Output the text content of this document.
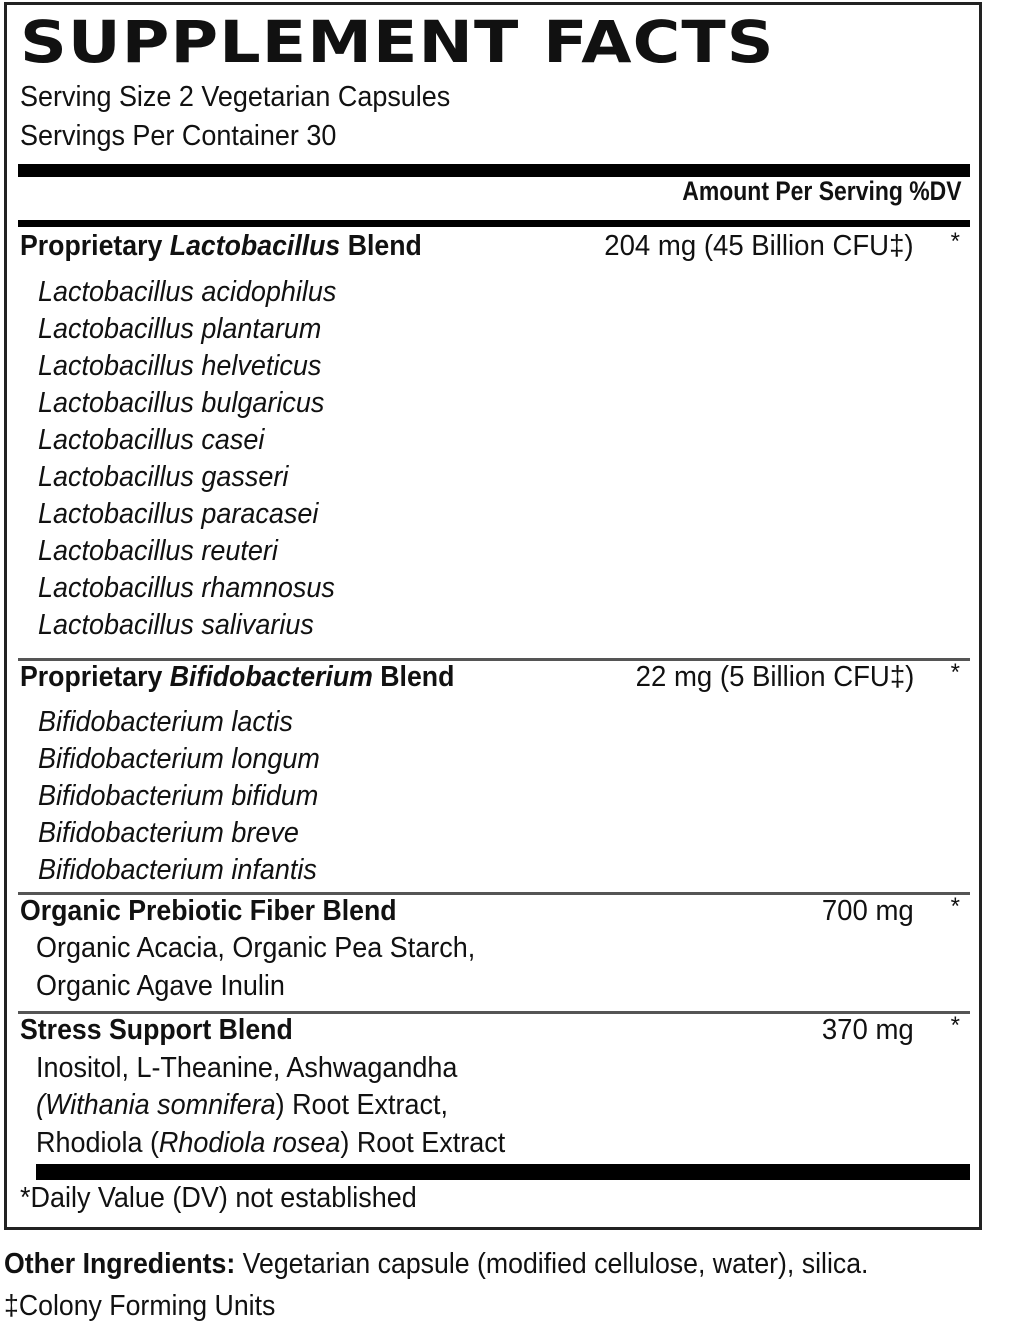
SUPPLEMENT FACTS
Serving Size 2 Vegetarian Capsules
Servings Per Container 30
Amount Per Serving %DV
Proprietary Lactobacillus Blend	204 mg (45 Billion CFU‡) *
Lactobacillus acidophilus
Lactobacillus plantarum
Lactobacillus helveticus
Lactobacillus bulgaricus
Lactobacillus casei
Lactobacillus gasseri
Lactobacillus paracasei
Lactobacillus reuteri
Lactobacillus rhamnosus
Lactobacillus salivarius
Proprietary Bifidobacterium Blend	22 mg (5 Billion CFU‡) *
Bifidobacterium lactis
Bifidobacterium longum
Bifidobacterium bifidum
Bifidobacterium breve
Bifidobacterium infantis
Organic Prebiotic Fiber Blend	700 mg *
Organic Acacia, Organic Pea Starch,
Organic Agave Inulin
Stress Support Blend	370 mg *
Inositol, L-Theanine, Ashwagandha
(Withania somnifera) Root Extract,
Rhodiola (Rhodiola rosea) Root Extract
*Daily Value (DV) not established
Other Ingredients: Vegetarian capsule (modified cellulose, water), silica.
‡Colony Forming Units
